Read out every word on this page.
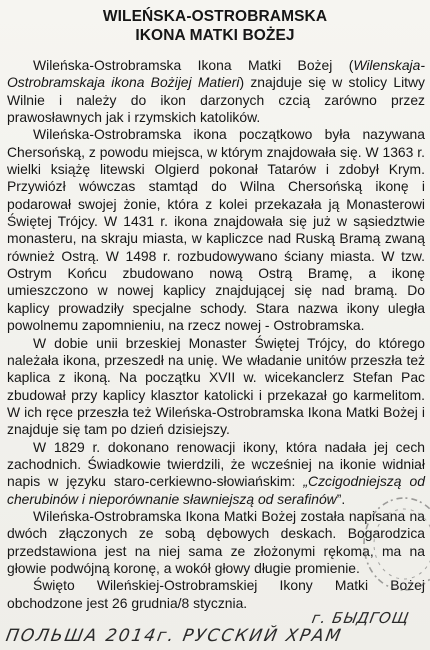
WILEŃSKA-OSTROBRAMSKA
IKONA MATKI BOŻEJ

Wileńska-Ostrobramska Ikona Matki Bożej (Wilenskaja-Ostrobramskaja ikona Bożijej Matieri) znajduje się w stolicy Litwy Wilnie i należy do ikon darzonych czcią zarówno przez prawosławnych jak i rzymskich katolików.

Wileńska-Ostrobramska ikona początkowo była nazywana Chersońską, z powodu miejsca, w którym znajdowała się. W 1363 r. wielki książę litewski Olgierd pokonał Tatarów i zdobył Krym. Przywiózł wówczas stamtąd do Wilna Chersońską ikonę i podarował swojej żonie, która z kolei przekazała ją Monasterowi Świętej Trójcy. W 1431 r. ikona znajdowała się już w sąsiedztwie monasteru, na skraju miasta, w kapliczce nad Ruską Bramą zwaną również Ostrą. W 1498 r. rozbudowywano ściany miasta. W tzw. Ostrym Końcu zbudowano nową Ostrą Bramę, a ikonę umieszczono w nowej kaplicy znajdującej się nad bramą. Do kaplicy prowadziły specjalne schody. Stara nazwa ikony uległa powolnemu zapomnieniu, na rzecz nowej - Ostrobramska.

W dobie unii brzeskiej Monaster Świętej Trójcy, do którego należała ikona, przeszedł na unię. We władanie unitów przeszła też kaplica z ikoną. Na początku XVII w. wicekanclerz Stefan Pac zbudował przy kaplicy klasztor katolicki i przekazał go karmelitom. W ich ręce przeszła też Wileńska-Ostrobramska Ikona Matki Bożej i znajduje się tam po dzień dzisiejszy.

W 1829 r. dokonano renowacji ikony, która nadała jej cech zachodnich. Świadkowie twierdzili, że wcześniej na ikonie widniał napis w języku staro-cerkiewno-słowiańskim: „Czcigodniejszą od cherubinów i nieporównanie sławniejszą od serafinów”.

Wileńska-Ostrobramska Ikona Matki Bożej została napisana na dwóch złączonych ze sobą dębowych deskach. Bogarodzica przedstawiona jest na niej sama ze złożonymi rękoma, ma na głowie podwójną koronę, a wokół głowy długie promienie.

Święto Wileńskiej-Ostrobramskiej Ikony Matki Bożej obchodzone jest 26 grudnia/8 stycznia.

г. БЫДГОЩ
ПОЛЬША 2014г. РУССКИЙ ХРАМ
